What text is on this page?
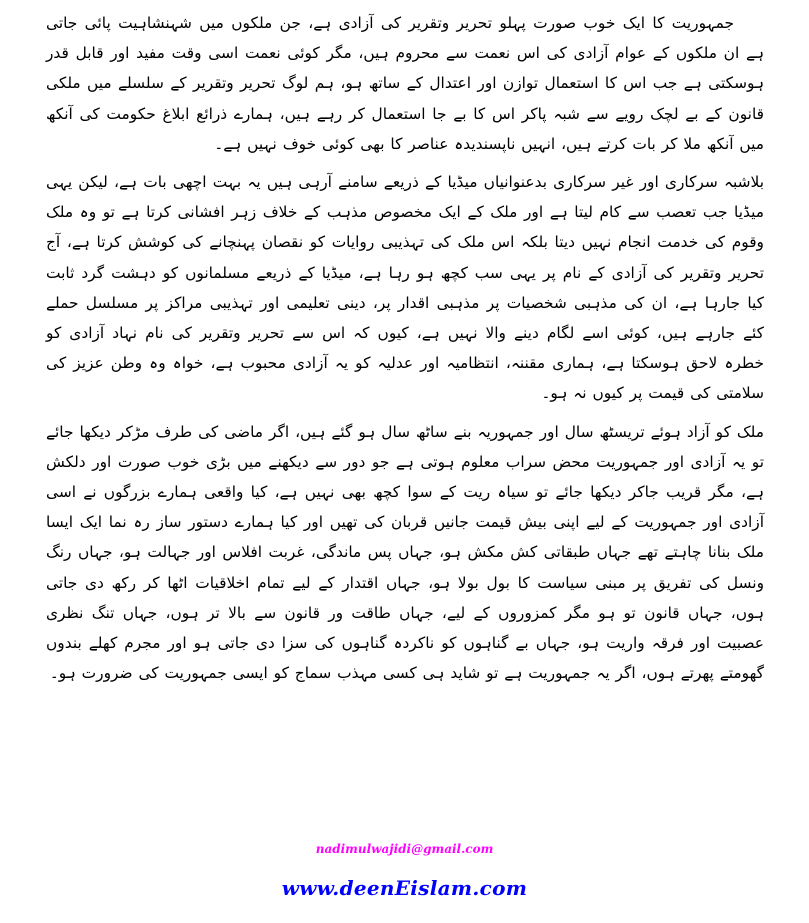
جمہوریت کا ایک خوب صورت پہلو تحریر وتقریر کی آزادی ہے، جن ملکوں میں شہنشاہیت پائی جاتی ہے ان ملکوں کے عوام آزادی کی اس نعمت سے محروم ہیں، مگر کوئی نعمت اسی وقت مفید اور قابل قدر ہوسکتی ہے جب اس کا استعمال توازن اور اعتدال کے ساتھ ہو، ہم لوگ تحریر وتقریر کے سلسلے میں ملکی قانون کے بے لچک رویے سے شبہ پاکر اس کا بے جا استعمال کر رہے ہیں، ہمارے ذرائع ابلاغ حکومت کی آنکھ میں آنکھ ملا کر بات کرتے ہیں، انہیں ناپسندیدہ عناصر کا بھی کوئی خوف نہیں ہے۔

بلاشبہ سرکاری اور غیر سرکاری بدعنوانیاں میڈیا کے ذریعے سامنے آرہی ہیں یہ بہت اچھی بات ہے، لیکن یہی میڈیا جب تعصب سے کام لیتا ہے اور ملک کے ایک مخصوص مذہب کے خلاف زہر افشانی کرتا ہے تو وہ ملک وقوم کی خدمت انجام نہیں دیتا بلکہ اس ملک کی تہذیبی روایات کو نقصان پہنچانے کی کوشش کرتا ہے، آج تحریر وتقریر کی آزادی کے نام پر یہی سب کچھ ہو رہا ہے، میڈیا کے ذریعے مسلمانوں کو دہشت گرد ثابت کیا جارہا ہے، ان کی مذہبی شخصیات پر مذہبی اقدار پر، دینی تعلیمی اور تہذیبی مراکز پر مسلسل حملے کئے جارہے ہیں، کوئی اسے لگام دینے والا نہیں ہے، کیوں کہ اس سے تحریر وتقریر کی نام نہاد آزادی کو خطرہ لاحق ہوسکتا ہے، ہماری مقننہ، انتظامیہ اور عدلیہ کو یہ آزادی محبوب ہے، خواہ وہ وطن عزیز کی سلامتی کی قیمت پر کیوں نہ ہو۔

ملک کو آزاد ہوئے تریسٹھ سال اور جمہوریہ بنے ساٹھ سال ہو گئے ہیں، اگر ماضی کی طرف مڑکر دیکھا جائے تو یہ آزادی اور جمہوریت محض سراب معلوم ہوتی ہے جو دور سے دیکھنے میں بڑی خوب صورت اور دلکش ہے، مگر قریب جاکر دیکھا جائے تو سیاہ ریت کے سوا کچھ بھی نہیں ہے، کیا واقعی ہمارے بزرگوں نے اسی آزادی اور جمہوریت کے لیے اپنی بیش قیمت جانیں قربان کی تھیں اور کیا ہمارے دستور ساز رہ نما ایک ایسا ملک بنانا چاہتے تھے جہاں طبقاتی کش مکش ہو، جہاں پس ماندگی، غربت افلاس اور جہالت ہو، جہاں رنگ ونسل کی تفریق پر مبنی سیاست کا بول بولا ہو، جہاں اقتدار کے لیے تمام اخلاقیات اٹھا کر رکھ دی جاتی ہوں، جہاں قانون تو ہو مگر کمزوروں کے لیے، جہاں طاقت ور قانون سے بالا تر ہوں، جہاں تنگ نظری عصبیت اور فرقہ واریت ہو، جہاں بے گناہوں کو ناکردہ گناہوں کی سزا دی جاتی ہو اور مجرم کھلے بندوں گھومتے پھرتے ہوں، اگر یہ جمہوریت ہے تو شاید ہی کسی مہذب سماج کو ایسی جمہوریت کی ضرورت ہو۔

nadimulwajidi@gmail.com
www.deenEislam.com
